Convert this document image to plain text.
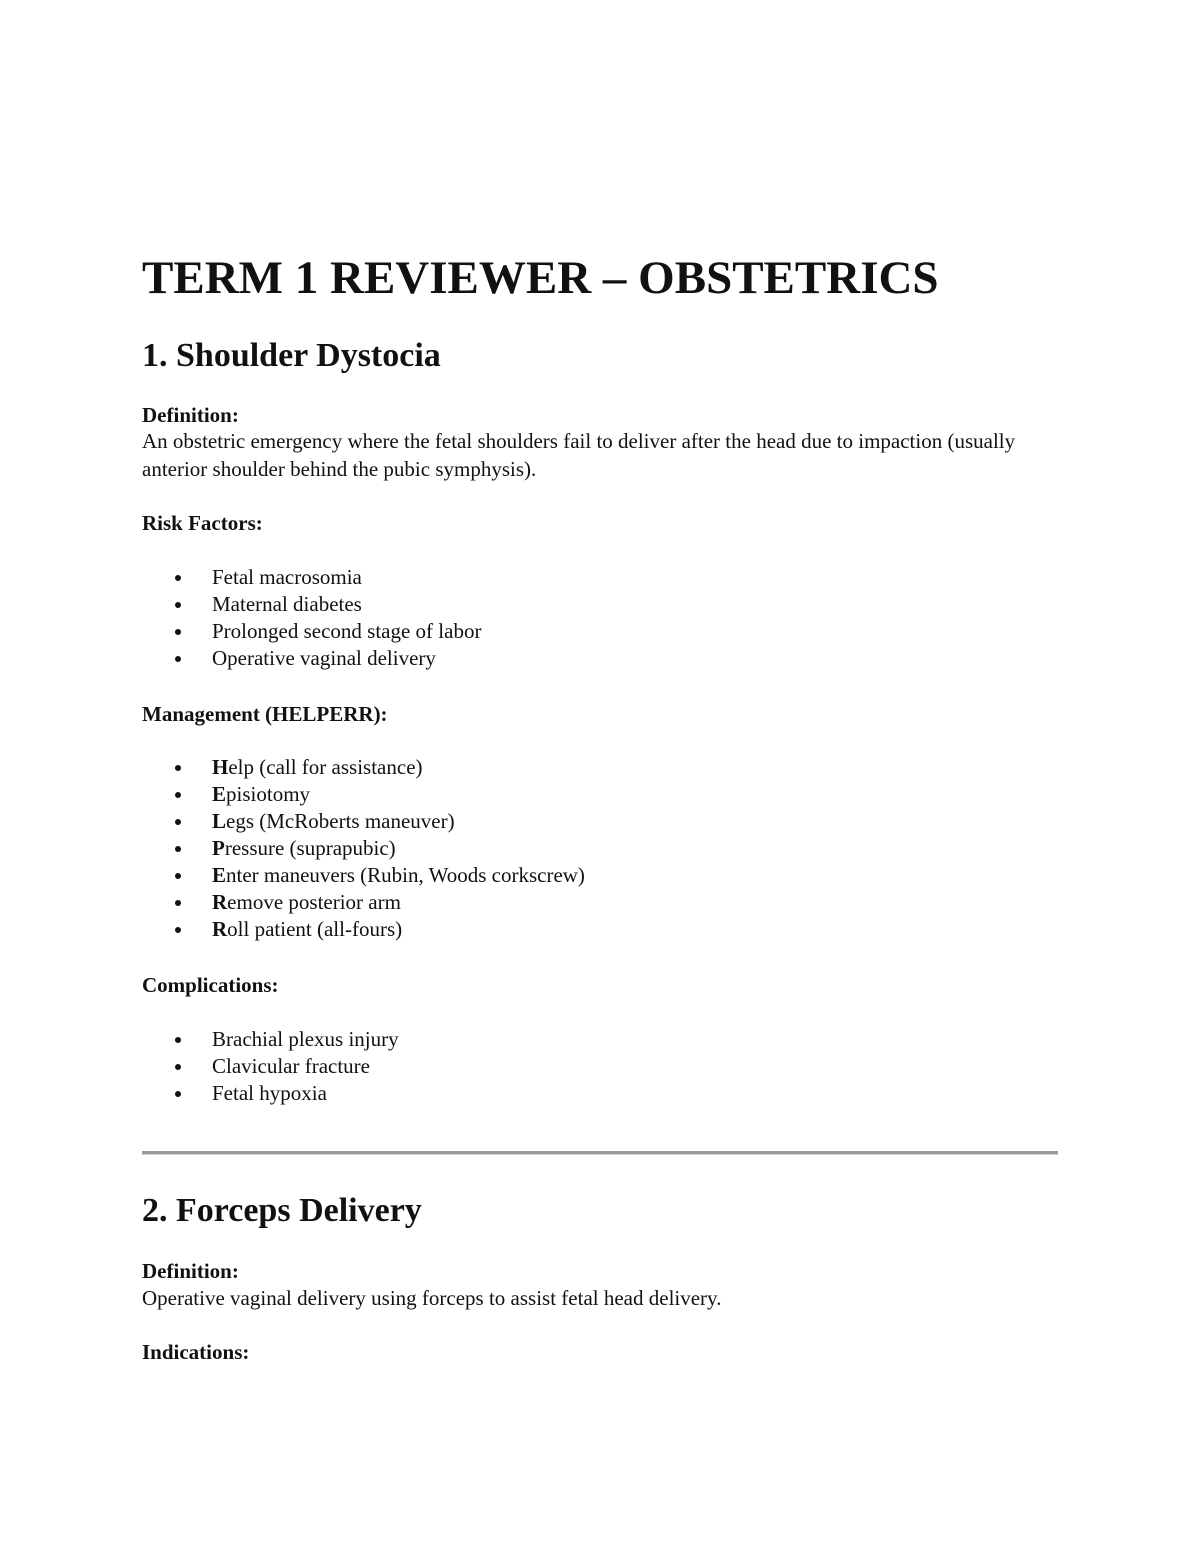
TERM 1 REVIEWER – OBSTETRICS
1. Shoulder Dystocia

Definition:

An obstetric emergency where the fetal shoulders fail to deliver after the head due to impaction (usually anterior shoulder behind the pubic symphysis).

Risk Factors:

Fetal macrosomia
Maternal diabetes
Prolonged second stage of labor
Operative vaginal delivery

Management (HELPERR):

Help (call for assistance)
Episiotomy
Legs (McRoberts maneuver)
Pressure (suprapubic)
Enter maneuvers (Rubin, Woods corkscrew)
Remove posterior arm
Roll patient (all-fours)

Complications:

Brachial plexus injury
Clavicular fracture
Fetal hypoxia
2. Forceps Delivery

Definition:

Operative vaginal delivery using forceps to assist fetal head delivery.

Indications:
